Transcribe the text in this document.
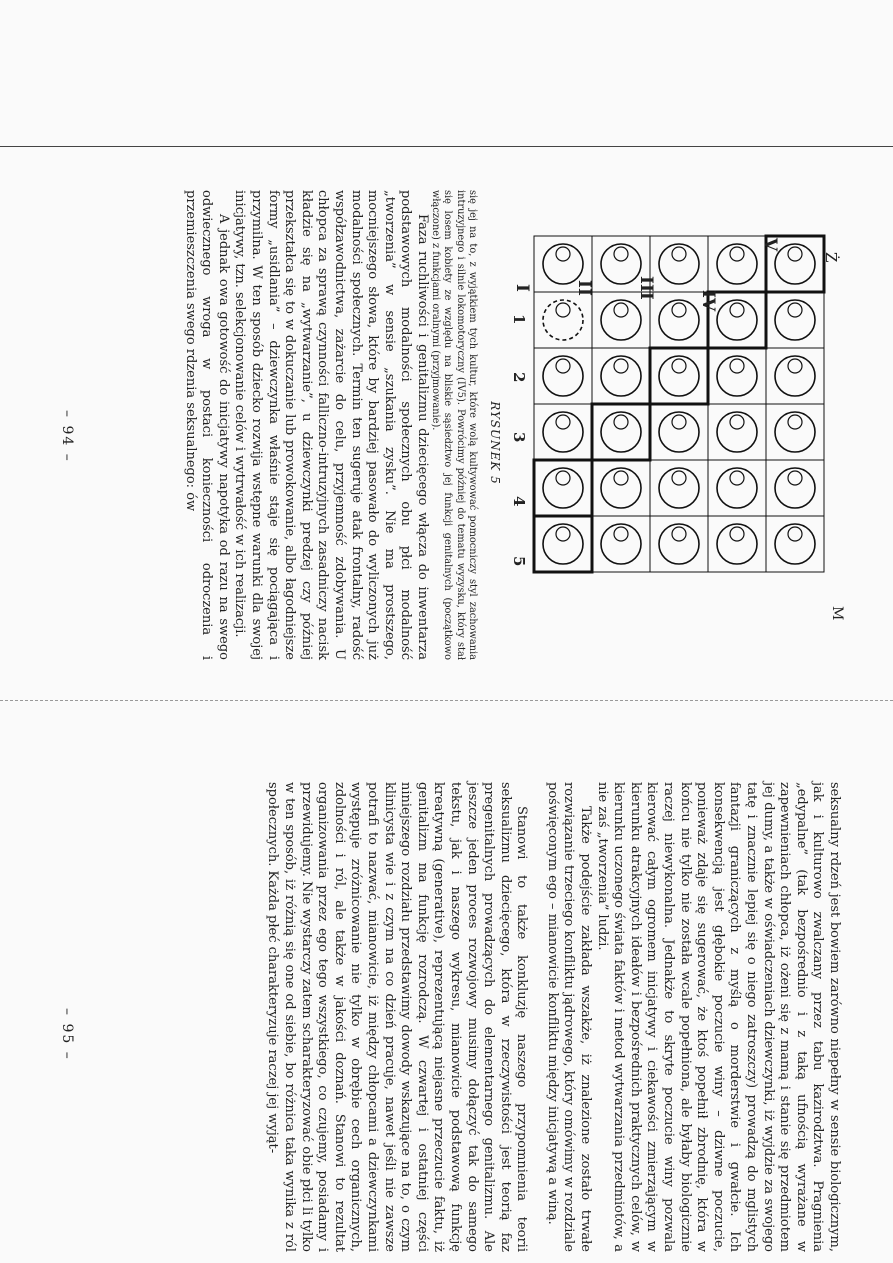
Ż
M
V
IV
III
II
I
1
2
3
4
5
RYSUNEK 5
się jej na to, z wyjątkiem tych kultur, które wolą kultywować pomocniczy styl zachowania intruzyjnego i silnie lokomotoryczny (IV5). Powrócimy później do tematu wyzysku, który stał się losem kobiety ze względu na bliskie sąsiedztwo jej funkcji genitalnych (początkowo włączone) z funkcjami oralnymi (przyjmowanie).

Faza ruchliwości i genitalizmu dziecięcego włącza do inwentarza podstawowych modalności społecznych obu płci modalność „tworzenia” w sensie „szukania zysku”. Nie ma prostszego, mocniejszego słowa, które by bardziej pasowało do wyliczonych już modalności społecznych. Termin ten sugeruje atak frontalny, radość współzawodnictwa, zażarcie do celu, przyjemność zdobywania. U chłopca za sprawą czynności falliczno-intruzyjnych zasadniczy nacisk kładzie się na „wytwarzanie”, u dziewczynki predzej czy później przekształca się to w dokuczanie lub prowokowanie, albo łagodniejsze formy „usidlania” – dziewczynka właśnie staje się pociągająca i przymilna. W ten sposób dziecko rozwija wstępne warunki dla swojej inicjatywy, tzn. selekcjonowanie celów i wytrwałość w ich realizacji.

A jednak owa gotowość do inicjatywy napotyka od razu na swego odwiecznego wroga w postaci konieczności odroczenia i przemieszczenia swego rdzenia seksualnego: ów

– 94 –

seksualny rdzeń jest bowiem zarówno niepełny w sensie biologicznym, jak i kulturowo zwalczany przez tabu kazirodztwa. Pragnienia „edypalne” (tak bezpośrednio i z taką ufnością wyrażane w zapewnieniach chłopca, iż ożeni się z mamą i stanie się przedmiotem jej dumy, a także w oświadczeniach dziewczynki, iż wyjdzie za swojego tatę i znacznie lepiej się o niego zatroszczy) prowadzą do mglistych fantazji graniczących z myślą o morderstwie i gwałcie. Ich konsekwencją jest głębokie poczucie winy – dziwne poczucie, ponieważ zdaje się sugerować, że ktoś popełnił zbrodnię, która w końcu nie tylko nie została wcale popełniona, ale byłaby biologicznie raczej niewykonalna. Jednakże to skryte poczucie winy pozwala kierować całym ogromem inicjatywy i ciekawości zmierzającym w kierunku atrakcyjnych ideałów i bezpośrednich praktycznych celów, w kierunku uczonego świata faktów i metod wytwarzania przedmiotów, a nie zaś „tworzenia” ludzi.

Także podejście zakłada wszakże, iż znalezione zostało trwałe rozwiązanie trzeciego konfliktu jądrowego, który omówimy w rozdziale poświęconym ego – mianowicie konfliktu między inicjatywą a winą.

Stanowi to także konkluzję naszego przypomnienia teorii seksualizmu dziecięcego, która w rzeczywistości jest teorią faz pregenitalnych prowadzących do elementarnego genitalizmu. Ale jeszcze jeden proces rozwojowy musimy dołączyć tak do samego tekstu, jak i naszego wykresu, mianowicie podstawową funkcję kreatywną (generative), reprezentującą niejasne przeczucie faktu, iż genitalizm ma funkcję rozrodczą. W czwartej i ostatniej części niniejszego rozdziału przedstawimy dowody wskazujące na to, o czym klinicysta wie i z czym na co dzień pracuje, nawet jeśli nie zawsze potrafi to nazwać, mianowicie, iż między chłopcami a dziewczynkami występuje zróżnicowanie nie tylko w obrębie cech organicznych, zdolności i ról, ale także w jakości doznań. Stanowi to rezultat organizowania przez ego tego wszystkiego, co czujemy, posiadamy i przewidujemy. Nie wystarczy zatem scharakteryzować obie płci li tylko w ten sposób, iż różnią się one od siebie, bo różnica taka wynika z ról społecznych. Każda płeć charakteryzuje raczej jej wyjąt-

– 95 –
